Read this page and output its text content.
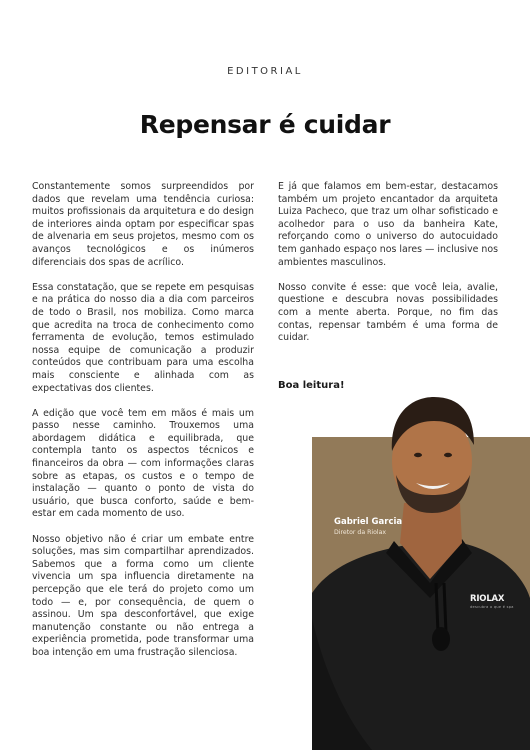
EDITORIAL
Repensar é cuidar

Constantemente somos surpreendidos por dados que revelam uma tendência curiosa: muitos profissionais da arquitetura e do design de interiores ainda optam por especificar spas de alvenaria em seus projetos, mesmo com os avanços tecnológicos e os inúmeros diferenciais dos spas de acrílico.

Essa constatação, que se repete em pesquisas e na prática do nosso dia a dia com parceiros de todo o Brasil, nos mobiliza. Como marca que acredita na troca de conhecimento como ferramenta de evolução, temos estimulado nossa equipe de comunicação a produzir conteúdos que contribuam para uma escolha mais consciente e alinhada com as expectativas dos clientes.

A edição que você tem em mãos é mais um passo nesse caminho. Trouxemos uma abordagem didática e equilibrada, que contempla tanto os aspectos técnicos e financeiros da obra — com informações claras sobre as etapas, os custos e o tempo de instalação — quanto o ponto de vista do usuário, que busca conforto, saúde e bem-estar em cada momento de uso.

Nosso objetivo não é criar um embate entre soluções, mas sim compartilhar aprendizados. Sabemos que a forma como um cliente vivencia um spa influencia diretamente na percepção que ele terá do projeto como um todo — e, por consequência, de quem o assinou. Um spa desconfortável, que exige manutenção constante ou não entrega a experiência prometida, pode transformar uma boa intenção em uma frustração silenciosa.

E já que falamos em bem-estar, destacamos também um projeto encantador da arquiteta Luiza Pacheco, que traz um olhar sofisticado e acolhedor para o uso da banheira Kate, reforçando como o universo do autocuidado tem ganhado espaço nos lares — inclusive nos ambientes masculinos.

Nosso convite é esse: que você leia, avalie, questione e descubra novas possibilidades com a mente aberta. Porque, no fim das contas, repensar também é uma forma de cuidar.

Boa leitura!
Gabriel Garcia
Diretor da Riolax
RIOLAX
descubra o que é spa
